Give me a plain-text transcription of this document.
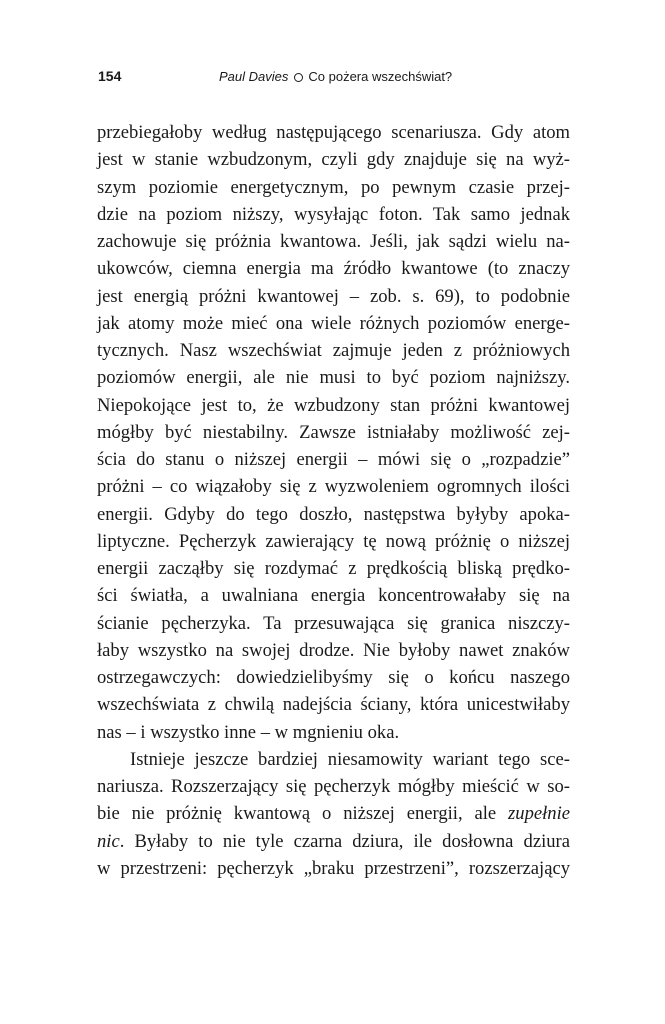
154	Paul Davies Co pożera wszechświat?
przebiegałoby według następującego scenariusza. Gdy atom
jest w stanie wzbudzonym, czyli gdy znajduje się na wyż-
szym poziomie energetycznym, po pewnym czasie przej-
dzie na poziom niższy, wysyłając foton. Tak samo jednak
zachowuje się próżnia kwantowa. Jeśli, jak sądzi wielu na-
ukowców, ciemna energia ma źródło kwantowe (to znaczy
jest energią próżni kwantowej – zob. s. 69), to podobnie
jak atomy może mieć ona wiele różnych poziomów energe-
tycznych. Nasz wszechświat zajmuje jeden z próżniowych
poziomów energii, ale nie musi to być poziom najniższy.
Niepokojące jest to, że wzbudzony stan próżni kwantowej
mógłby być niestabilny. Zawsze istniałaby możliwość zej-
ścia do stanu o niższej energii – mówi się o „rozpadzie”
próżni – co wiązałoby się z wyzwoleniem ogromnych ilości
energii. Gdyby do tego doszło, następstwa byłyby apoka-
liptyczne. Pęcherzyk zawierający tę nową próżnię o niższej
energii zacząłby się rozdymać z prędkością bliską prędko-
ści światła, a uwalniana energia koncentrowałaby się na
ścianie pęcherzyka. Ta przesuwająca się granica niszczy-
łaby wszystko na swojej drodze. Nie byłoby nawet znaków
ostrzegawczych: dowiedzielibyśmy się o końcu naszego
wszechświata z chwilą nadejścia ściany, która unicestwiłaby
nas – i wszystko inne – w mgnieniu oka.
Istnieje jeszcze bardziej niesamowity wariant tego sce-
nariusza. Rozszerzający się pęcherzyk mógłby mieścić w so-
bie nie próżnię kwantową o niższej energii, ale zupełnie
nic. Byłaby to nie tyle czarna dziura, ile dosłowna dziura
w przestrzeni: pęcherzyk „braku przestrzeni”, rozszerzający
